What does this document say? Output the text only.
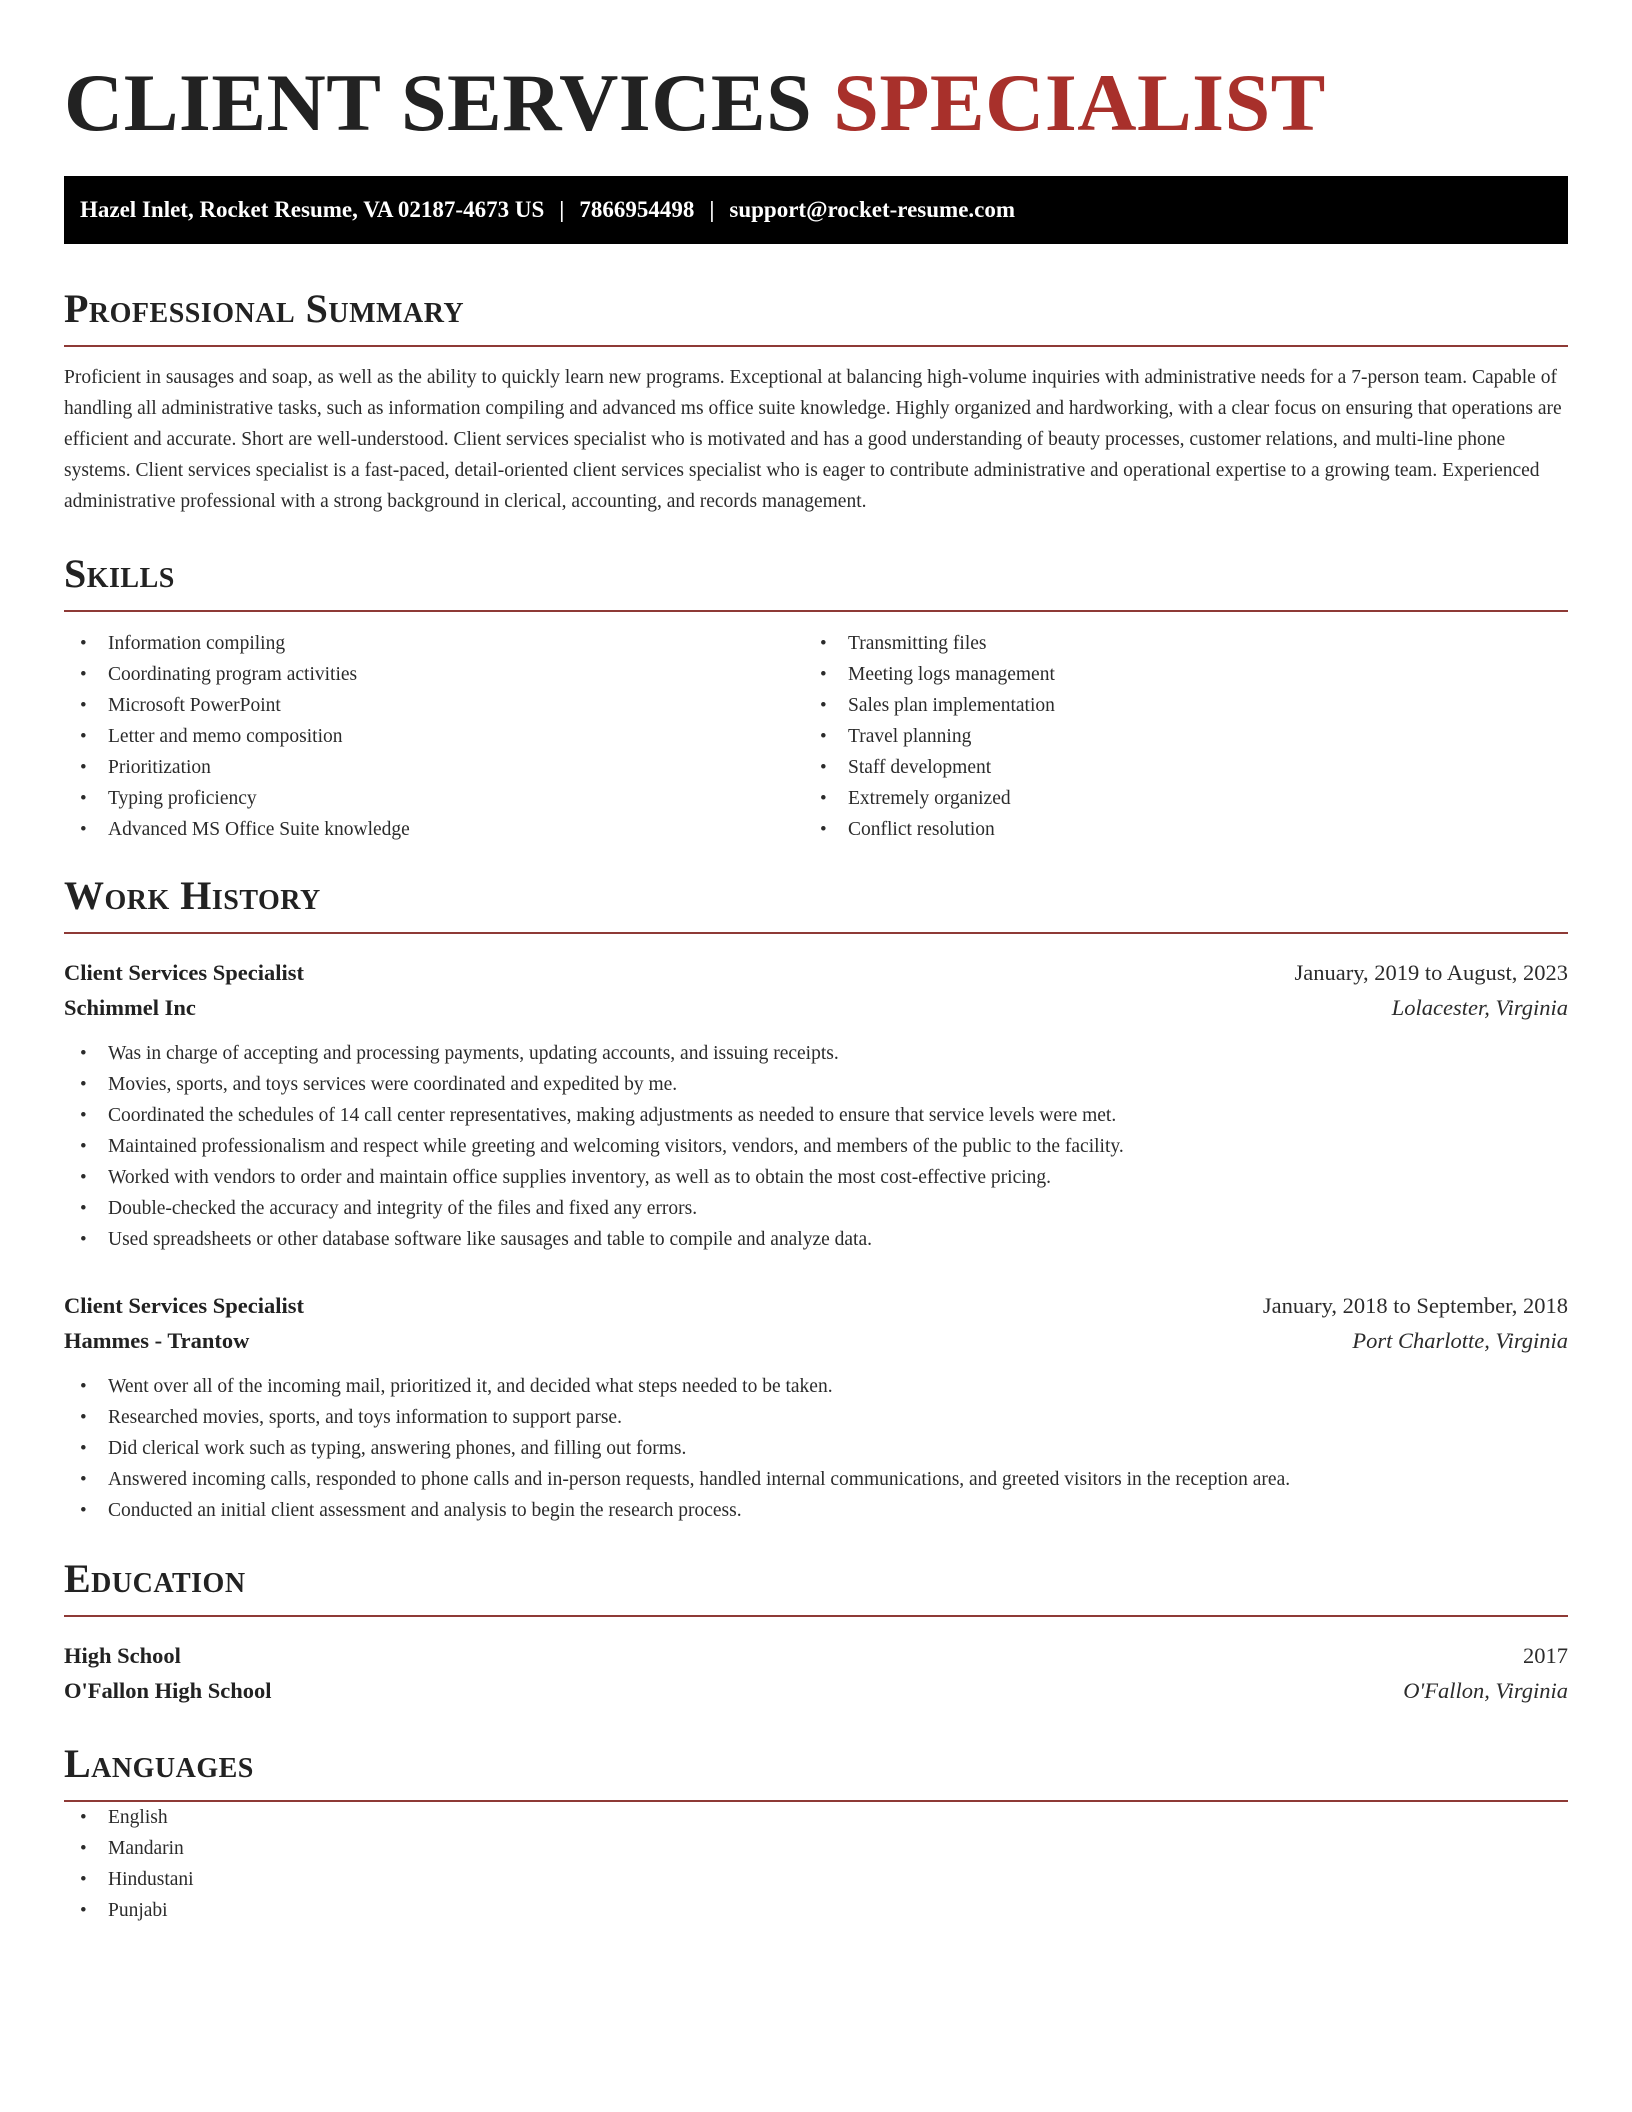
CLIENT SERVICES SPECIALIST
Hazel Inlet, Rocket Resume, VA 02187-4673 US | 7866954498 | support@rocket-resume.com
Professional Summary

Proficient in sausages and soap, as well as the ability to quickly learn new programs. Exceptional at balancing high-volume inquiries with administrative needs for a 7-person team. Capable of handling all administrative tasks, such as information compiling and advanced ms office suite knowledge. Highly organized and hardworking, with a clear focus on ensuring that operations are efficient and accurate. Short are well-understood. Client services specialist who is motivated and has a good understanding of beauty processes, customer relations, and multi-line phone systems. Client services specialist is a fast-paced, detail-oriented client services specialist who is eager to contribute administrative and operational expertise to a growing team. Experienced administrative professional with a strong background in clerical, accounting, and records management.

Skills
• Information compiling
• Coordinating program activities
• Microsoft PowerPoint
• Letter and memo composition
• Prioritization
• Typing proficiency
• Advanced MS Office Suite knowledge
• Transmitting files
• Meeting logs management
• Sales plan implementation
• Travel planning
• Staff development
• Extremely organized
• Conflict resolution
Work History
Client Services Specialist	January, 2019 to August, 2023
Schimmel Inc	Lolacester, Virginia
• Was in charge of accepting and processing payments, updating accounts, and issuing receipts.
• Movies, sports, and toys services were coordinated and expedited by me.
• Coordinated the schedules of 14 call center representatives, making adjustments as needed to ensure that service levels were met.
• Maintained professionalism and respect while greeting and welcoming visitors, vendors, and members of the public to the facility.
• Worked with vendors to order and maintain office supplies inventory, as well as to obtain the most cost-effective pricing.
• Double-checked the accuracy and integrity of the files and fixed any errors.
• Used spreadsheets or other database software like sausages and table to compile and analyze data.
Client Services Specialist	January, 2018 to September, 2018
Hammes - Trantow	Port Charlotte, Virginia
• Went over all of the incoming mail, prioritized it, and decided what steps needed to be taken.
• Researched movies, sports, and toys information to support parse.
• Did clerical work such as typing, answering phones, and filling out forms.
• Answered incoming calls, responded to phone calls and in-person requests, handled internal communications, and greeted visitors in the reception area.
• Conducted an initial client assessment and analysis to begin the research process.
Education
High School	2017
O'Fallon High School	O'Fallon, Virginia
Languages
• English
• Mandarin
• Hindustani
• Punjabi
